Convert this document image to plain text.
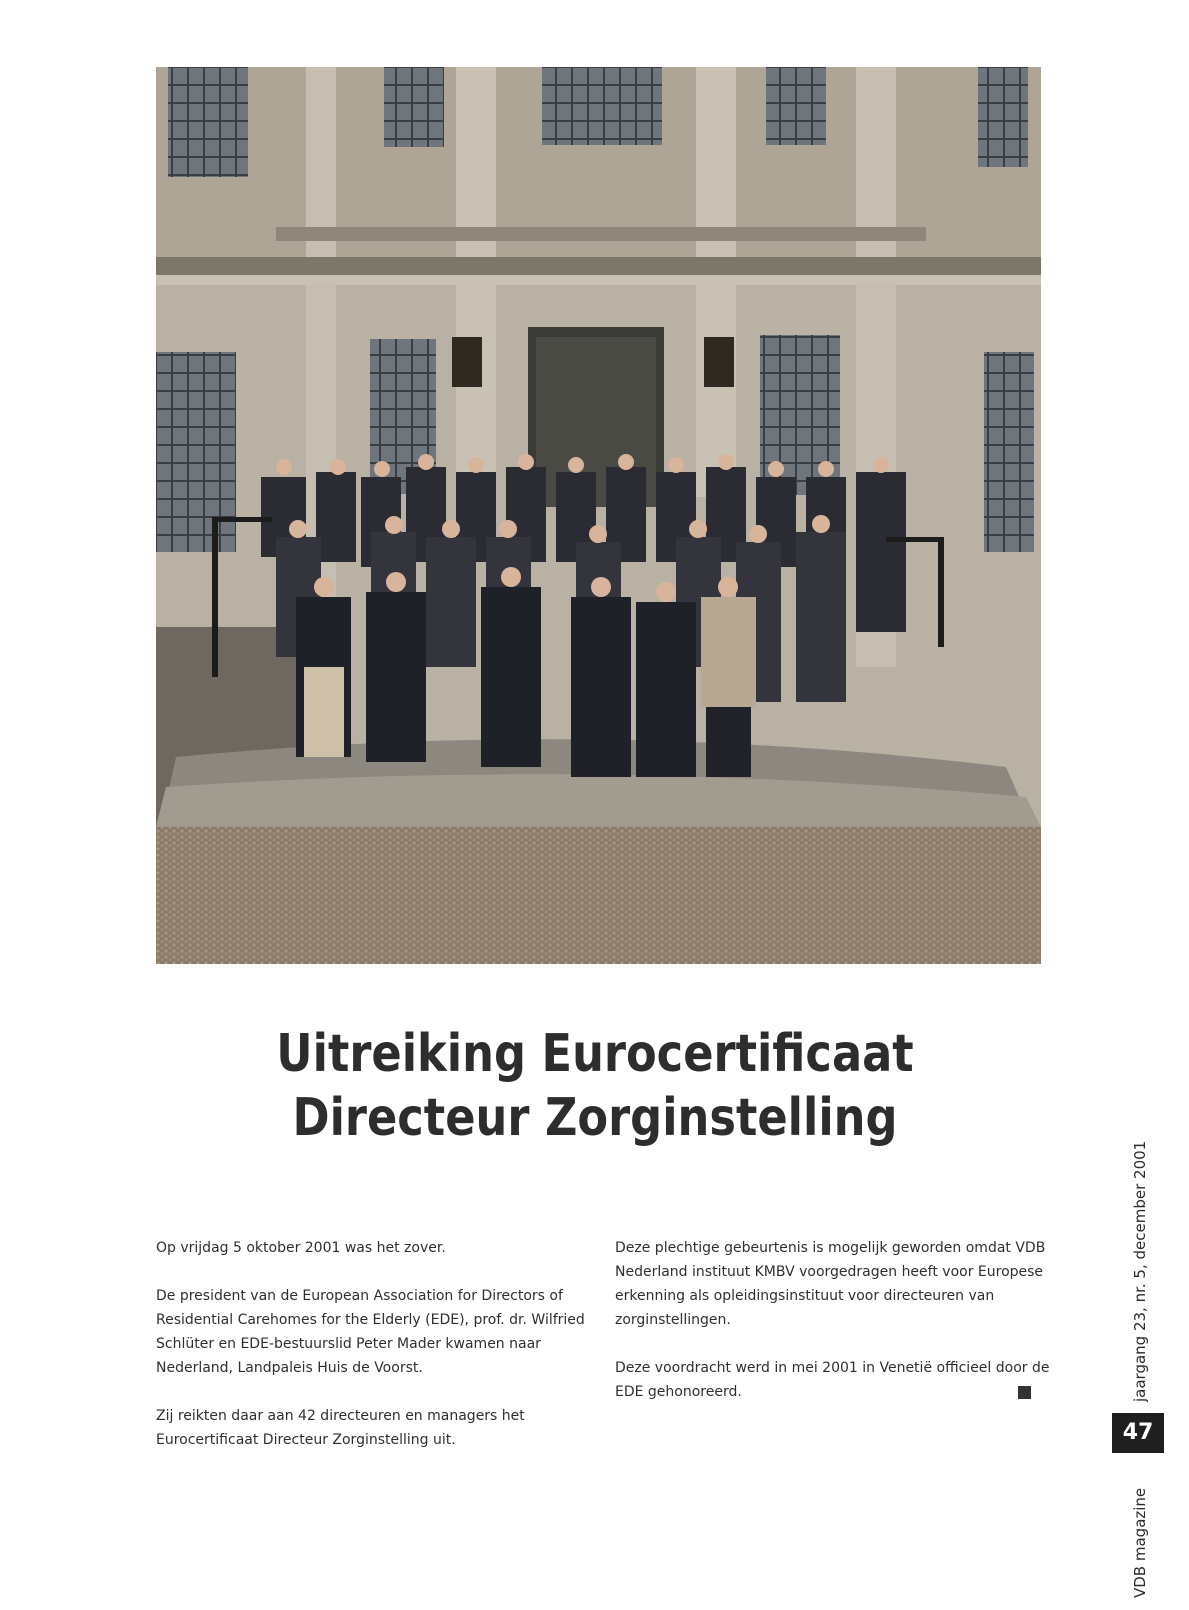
Uitreiking Eurocertificaat
Directeur Zorginstelling

Op vrijdag 5 oktober 2001 was het zover.

De president van de European Association for Directors of Residential Carehomes for the Elderly (EDE), prof. dr. Wilfried Schlüter en EDE-bestuurslid Peter Mader kwamen naar Nederland, Landpaleis Huis de Voorst.

Zij reikten daar aan 42 directeuren en managers het Eurocertificaat Directeur Zorginstelling uit.

Deze plechtige gebeurtenis is mogelijk geworden omdat VDB Nederland instituut KMBV voorgedragen heeft voor Europese erkenning als opleidingsinstituut voor directeuren van zorginstellingen.

Deze voordracht werd in mei 2001 in Venetië officieel door de EDE gehonoreerd.	jaargang 23, nr. 5, december 2001
47
VDB magazine
